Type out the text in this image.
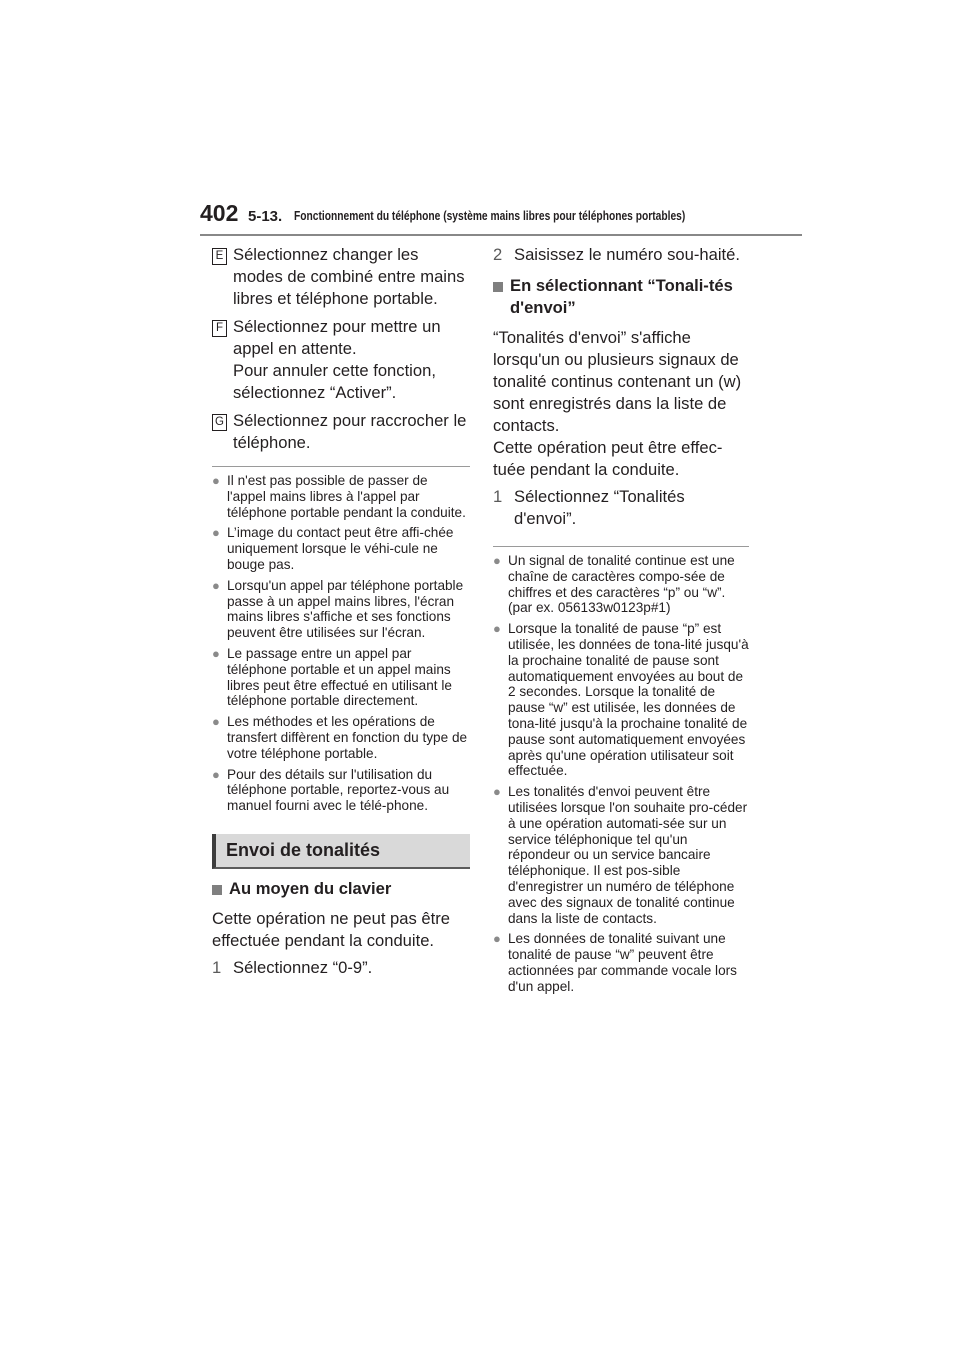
402 5-13. Fonctionnement du téléphone (système mains libres pour téléphones portables)
E Sélectionnez changer les modes de combiné entre mains libres et téléphone portable.
F Sélectionnez pour mettre un appel en attente.
Pour annuler cette fonction, sélectionnez “Activer”.
G Sélectionnez pour raccrocher le téléphone.
● Il n'est pas possible de passer de l'appel mains libres à l'appel par téléphone portable pendant la conduite.
● L’image du contact peut être affi-chée uniquement lorsque le véhi-cule ne bouge pas.
● Lorsqu'un appel par téléphone portable passe à un appel mains libres, l'écran mains libres s'affiche et ses fonctions peuvent être utilisées sur l'écran.
● Le passage entre un appel par téléphone portable et un appel mains libres peut être effectué en utilisant le téléphone portable directement.
● Les méthodes et les opérations de transfert diffèrent en fonction du type de votre téléphone portable.
● Pour des détails sur l'utilisation du téléphone portable, reportez-vous au manuel fourni avec le télé-phone.
Envoi de tonalités
Au moyen du clavier
Cette opération ne peut pas être effectuée pendant la conduite.
1 Sélectionnez “0-9”.
2 Saisissez le numéro sou-haité.
En sélectionnant “Tonali-tés d'envoi”
“Tonalités d'envoi” s'affiche lorsqu'un ou plusieurs signaux de tonalité continus contenant un (w) sont enregistrés dans la liste de contacts.
Cette opération peut être effec-tuée pendant la conduite.
1 Sélectionnez “Tonalités d'envoi”.
● Un signal de tonalité continue est une chaîne de caractères compo-sée de chiffres et des caractères “p” ou “w”. (par ex. 056133w0123p#1)
● Lorsque la tonalité de pause “p” est utilisée, les données de tona-lité jusqu'à la prochaine tonalité de pause sont automatiquement envoyées au bout de 2 secondes. Lorsque la tonalité de pause “w” est utilisée, les données de tona-lité jusqu'à la prochaine tonalité de pause sont automatiquement envoyées après qu'une opération utilisateur soit effectuée.
● Les tonalités d'envoi peuvent être utilisées lorsque l'on souhaite pro-céder à une opération automati-sée sur un service téléphonique tel qu'un répondeur ou un service bancaire téléphonique. Il est pos-sible d'enregistrer un numéro de téléphone avec des signaux de tonalité continue dans la liste de contacts.
● Les données de tonalité suivant une tonalité de pause “w” peuvent être actionnées par commande vocale lors d'un appel.
